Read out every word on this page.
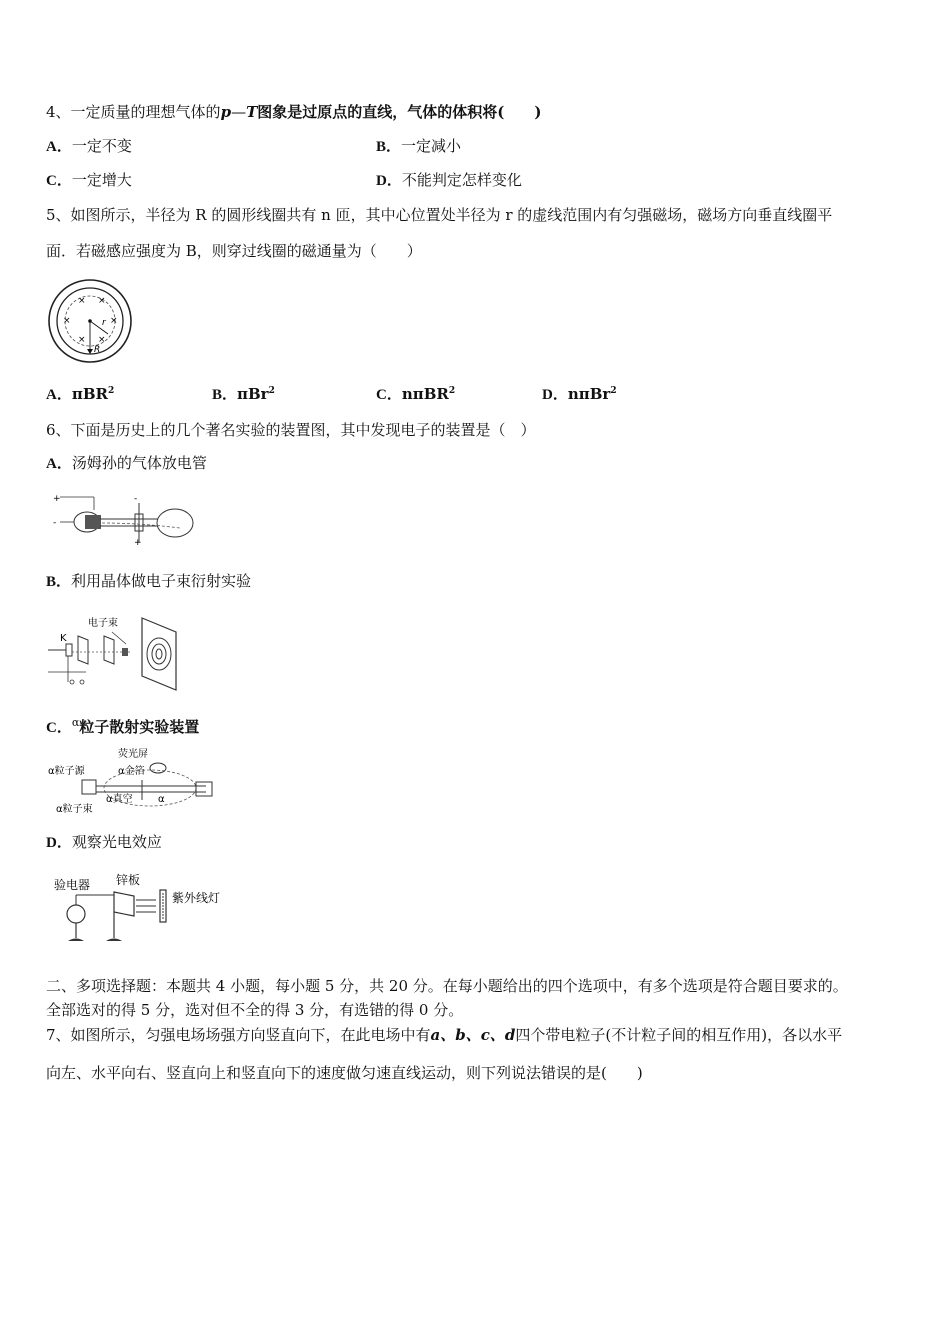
4、一定质量的理想气体的p—T图象是过原点的直线，气体的体积将(　　)
A．一定不变	B．一定减小
C．一定增大	D．不能判定怎样变化
5、如图所示，半径为 R 的圆形线圈共有 n 匝，其中心位置处半径为 r 的虚线范围内有匀强磁场，磁场方向垂直线圈平
面．若磁感应强度为 B，则穿过线圈的磁通量为（　　）
× ×
×	×
× ×
r
R
A．πBR$^2$	B．πBr$^2$	C．nπBR$^2$	D．nπBr$^2$
6、下面是历史上的几个著名实验的装置图，其中发现电子的装置是（　）
A．汤姆孙的气体放电管
+
-
-
+
B．利用晶体做电子束衍射实验
电子束
K
C．$^\alpha$粒子散射实验装置
荧光屏
α粒子源	α金箔
α真空	α
α粒子束
D．观察光电效应
验电器 锌板
紫外线灯
二、多项选择题：本题共 4 小题，每小题 5 分，共 20 分。在每小题给出的四个选项中，有多个选项是符合题目要求的。
全部选对的得 5 分，选对但不全的得 3 分，有选错的得 0 分。
7、如图所示，匀强电场场强方向竖直向下，在此电场中有a、b、c、d四个带电粒子(不计粒子间的相互作用)，各以水平
向左、水平向右、竖直向上和竖直向下的速度做匀速直线运动，则下列说法错误的是(　　)
